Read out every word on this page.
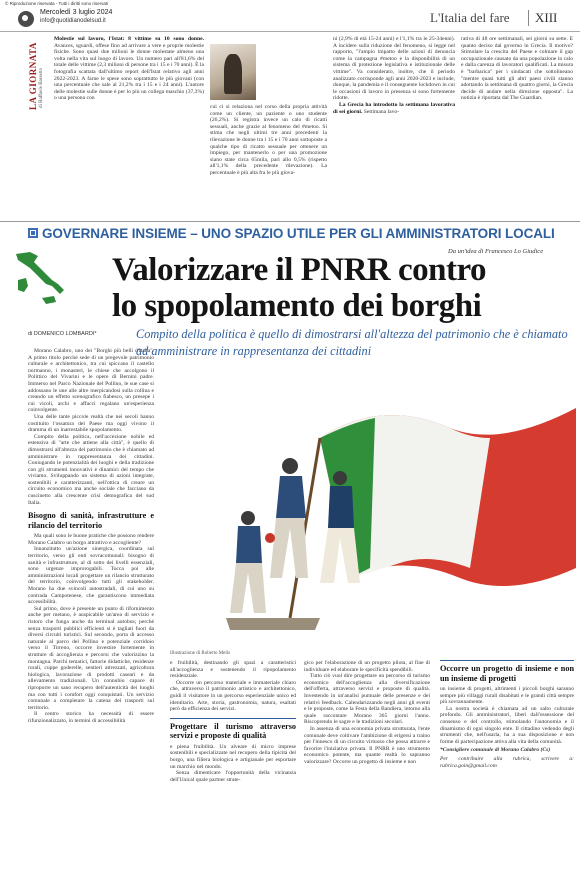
© Riproduzione riservata - Tutti i diritti sono riservati
Mercoledì 3 luglio 2024
info@quotidianodelsud.it	L'Italia del fare	XIII
LA GIORNATA di Raffaele Bassetto

Molestie sul lavoro, l'Istat: 8 vittime su 10 sono donne. Avances, sguardi, offese fino ad arrivare a vere e proprie molestie fisiche. Sono quasi due milioni le donne molestate almeno una volta nella vita sul luogo di lavoro. Un numero pari all'81,6% del totale delle vittime (2,3 milioni di persone tra i 15 e i 70 anni). È la fotografia scattata dall'ultimo report dell'Istat relativo agli anni 2022-2023. A farne le spese sono soprattutto le più giovani (con una percentuale che sale al 21,2% tra i 15 e i 24 anni). L'autore delle molestie sulle donne è per lo più un collega maschio (37,3%) o una persona con

cui ci si relaziona nel corso della propria attività come un cliente, un paziente o uno studente (26,2%). Si registra invece un calo di ricatti sessuali, anche grazie al fenomeno del #metoo. Si stima che negli ultimi tre anni precedenti la rilevazione le donne tra i 15 e i 70 anni sottoposte a qualche tipo di ricatto sessuale per ottenere un impiego, per mantenerlo o per una promozione siano state circa 65mila, pari allo 0,5% (rispetto all'1,1% della precedente rilevazione). La percentuale è più alta fra le più giova-

ni (2,9% di età 15-24 anni) e l'1,1% tra le 25-34enni). A incidere sulla riduzione del fenomeno, si legge nel rapporto, "l'ampio impatto delle azioni di denuncia come la campagna #metoo e la disponibilità di un sistema di protezione legislativa e istituzionale delle vittime". Va considerato, inoltre, che il periodo analizzato corrisponde agli anni 2020-2023 e include, dunque, la pandemia e il conseguente lockdown in cui le occasioni di lavoro in presenza si sono fortemente ridotte.

La Grecia ha introdotto la settimana lavorativa di sei giorni. Settimana lavo-

rativa di 48 ore settimanali, sei giorni su sette. È quanto deciso dal governo in Grecia. Il motivo? Stimolare la crescita del Paese e colmare il gap occupazionale causato da una popolazione in calo e dalla carenza di lavoratori qualificati. La misura è "barbarica" per i sindacati che sottolineano "mentre quasi tutti gli altri paesi civili stanno adottando la settimana di quattro giorni, la Grecia decide di andare nella direzione opposta". La notizia è riportata dal The Guardian.

GOVERNARE INSIEME – UNO SPAZIO UTILE PER GLI AMMINISTRATORI LOCALI
Da un'idea di Francesco Lo Giudice
Valorizzare il PNRR contro
lo spopolamento dei borghi
di DOMENICO LOMBARDI*	Compito della politica è quello di dimostrarsi all'altezza del patrimonio che è chiamato ad amministrare in rappresentanza dei cittadini

Morano Calabro, uno dei "Borghi più belli d'Italia". A primo titolo perché sede di un pregevole patrimonio culturale e architettonico, tra cui spiccano il castello normanno, i monasteri, le chiese che accolgono il Polittico del Vivarini e le opere di Bernini padre. Immerso nel Parco Nazionale del Pollino, le sue case si addossano le une alle altre inerpicandosi sulla collina e creando un effetto scenografico fiabesco, un presepe i cui vicoli, archi e affacci regalano un'esperienza coinvolgente.

Una delle tante piccole realtà che nei secoli hanno costituito l'ossatura del Paese ma oggi vivono il dramma di un inarrestabile spopolamento.

Compito della politica, nell'accezione nobile ed estensiva di "arte che attiene alla città", è quello di dimostrarsi all'altezza del patrimonio che è chiamato ad amministrare in rappresentanza dei cittadini. Coniugando le potenzialità dei luoghi e della tradizione con gli strumenti innovativi e dinamici del tempo che viviamo. Sviluppando un sistema di azioni integrate, sostenibili e caratterizzanti, nell'ottica di creare un circuito economico ma anche sociale che facciano da cuscinetto alla crescente crisi demografica del sud Italia.

Bisogno di sanità, infrastrutture e rilancio del territorio

Ma quali sono le buone pratiche che possono rendere Morano Calabro un borgo attrattivo e accogliente?

Innanzitutto un'azione sinergica, coordinata sul territorio, verso gli enti sovracomunali: bisogno di sanità e infrastrutture, al di sotto dei livelli essenziali, sono urgenze improrogabili. Tocca poi alle amministrazioni locali progettare un rilancio strutturato del territorio, coinvolgendo tutti gli stakeholder. Morano ha due svincoli autostradali, di cui uno su contrada Campotenese, che garantiscono immediata accessibilità.

Sul primo, dove è presente un punto di rifornimento anche per metano, è auspicabile un'area di servizio e ristoro che funga anche da terminal autobus; perché senza trasporti pubblici efficienti si è tagliati fuori da diversi circuiti turistici. Sul secondo, porta di accesso naturale al parco del Pollino e potenziale corridoio verso il Tirreno, occorre investire fortemente in strutture di accoglienza e percorsi che valorizzino la montagna. Parchi tematici, fattorie didattiche, residenze rurali, cuppe goderelle, sentieri attrezzati, agricoltura biologica, lavorazione di prodotti caseari e da allevamento tradizionali. Un connubio capace di riproporre un sano recupero dell'autenticità dei luoghi ma con tutti i comfort oggi conquistati. Un servizio comunale a completare la catena del trasporti sul territorio.

Il centro storico ha necessità di essere rifunzionalizzato, in termini di accessibilità

Illustrazione di Roberto Melis

e fruibilità, destinando gli spazi a caratteristici all'accoglienza e sostenendo il ripopolamento residenziale.

Occorre un percorso materiale e immateriale chiaro che, attraverso il patrimonio artistico e architettonico, guidi il visitatore in un percorso esperienziale unico ed identitario. Arte, storia, gastronomia, natura, esaltati però da efficienza dei servizi.

Progettare il turismo attraverso servizi e proposte di qualità

e piena fruibilità. Un alveare di micro imprese sostenibili e specializzate nel recupero della tipicità del borgo, una filiera biologica e artigianale per esportare un marchio nel mondo.

Senza dimenticare l'opportunità della vicinanza dell'Unical quale partner strate-

gico per l'elaborazione di un progetto pilota, al fine di individuare ed elaborare le specificità spendibili.

Tutto ciò vuol dire progettare un percorso di turismo economico dell'accoglienza alla diversificazione dell'offerta, attraverso servizi e proposte di qualità. Investendo in un'analisi puntuale delle presenze e dei relativi feedback. Calendarizzando negli anni gli eventi e le proposte, come la Festa della Bandiera, intorno alla quale raccontare Morano 365 giorni l'anno. Riscoprendo le sagre e le tradizioni secolari.

In assenza di una economia privata strutturata, l'ente comunale deve coltivare l'ambizione di erigersi a traino per l'innesco di un circuito virtuoso che possa attrarre e favorire l'iniziativa privata. Il PNRR è uno strumento economico potente, ma quante realtà lo sapranno valorizzare? Occorre un progetto di insieme e non

Occorre un progetto di insieme e non un insieme di progetti

un insieme di progetti, altrimenti i piccoli borghi saranno sempre più villaggi rurali disabitati e le grandi città sempre più sovrannamente.

La nostra società è chiamata ad un salto culturale profondo. Gli amministratori, liberi dall'ossessione del consenso e del controllo, stimolando l'autonomia e il dinamismo di ogni singolo ente. Il cittadino vedendo degli strumenti che, nell'usarla, ha a sua disposizione e non forme di partecipazione attiva alla vita della comunità.

*Consigliere comunale di Morano Calabro (Cs)

Per contribuire alla rubrica, scrivere a: rubrica.goin@gmail.com
